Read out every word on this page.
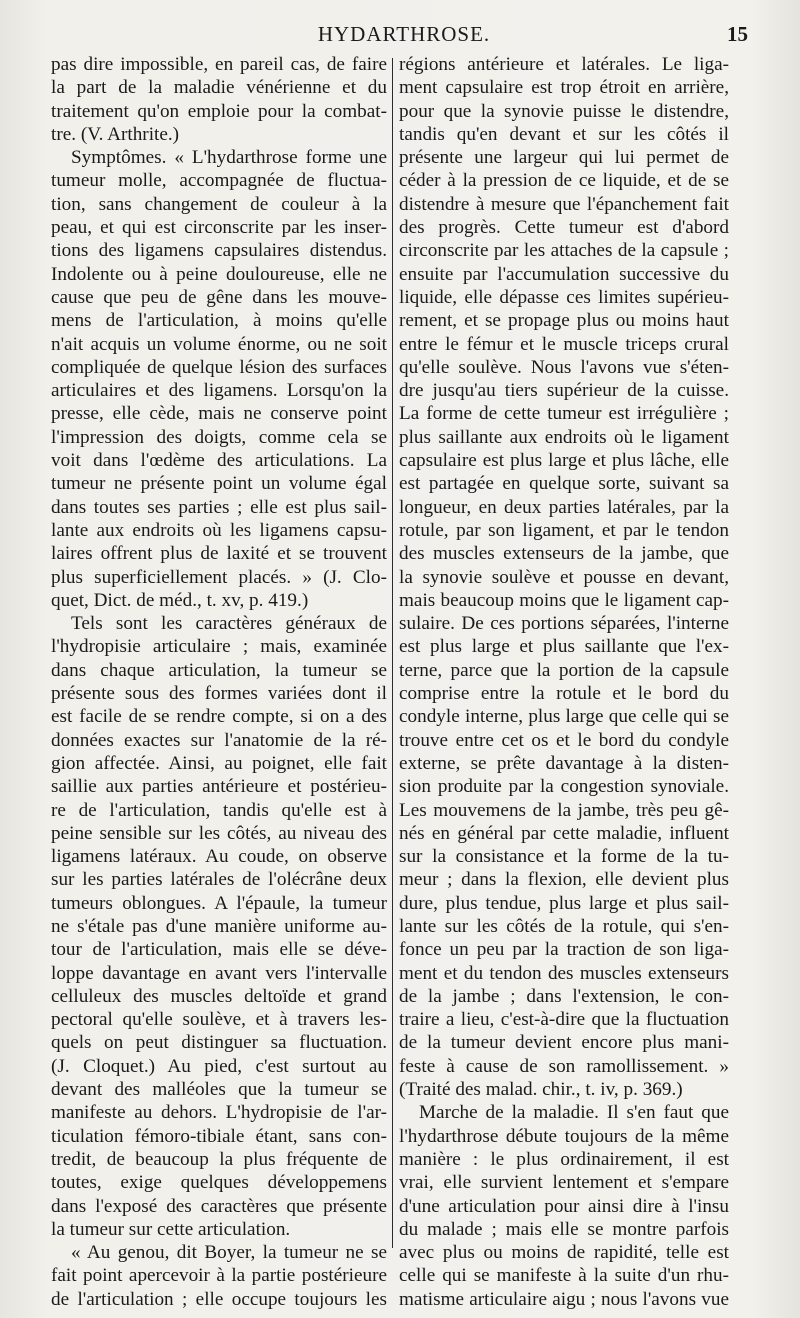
HYDARTHROSE.	15
pas dire impossible, en pareil cas, de faire
la part de la maladie vénérienne et du
traitement qu'on emploie pour la combat-
tre. (V. Arthrite.)
Symptômes. « L'hydarthrose forme une
tumeur molle, accompagnée de fluctua-
tion, sans changement de couleur à la
peau, et qui est circonscrite par les inser-
tions des ligamens capsulaires distendus.
Indolente ou à peine douloureuse, elle ne
cause que peu de gêne dans les mouve-
mens de l'articulation, à moins qu'elle
n'ait acquis un volume énorme, ou ne soit
compliquée de quelque lésion des surfaces
articulaires et des ligamens. Lorsqu'on la
presse, elle cède, mais ne conserve point
l'impression des doigts, comme cela se
voit dans l'œdème des articulations. La
tumeur ne présente point un volume égal
dans toutes ses parties ; elle est plus sail-
lante aux endroits où les ligamens capsu-
laires offrent plus de laxité et se trouvent
plus superficiellement placés. » (J. Clo-
quet, Dict. de méd., t. xv, p. 419.)
Tels sont les caractères généraux de
l'hydropisie articulaire ; mais, examinée
dans chaque articulation, la tumeur se
présente sous des formes variées dont il
est facile de se rendre compte, si on a des
données exactes sur l'anatomie de la ré-
gion affectée. Ainsi, au poignet, elle fait
saillie aux parties antérieure et postérieu-
re de l'articulation, tandis qu'elle est à
peine sensible sur les côtés, au niveau des
ligamens latéraux. Au coude, on observe
sur les parties latérales de l'olécrâne deux
tumeurs oblongues. A l'épaule, la tumeur
ne s'étale pas d'une manière uniforme au-
tour de l'articulation, mais elle se déve-
loppe davantage en avant vers l'intervalle
celluleux des muscles deltoïde et grand
pectoral qu'elle soulève, et à travers les-
quels on peut distinguer sa fluctuation.
(J. Cloquet.) Au pied, c'est surtout au
devant des malléoles que la tumeur se
manifeste au dehors. L'hydropisie de l'ar-
ticulation fémoro-tibiale étant, sans con-
tredit, de beaucoup la plus fréquente de
toutes, exige quelques développemens
dans l'exposé des caractères que présente
la tumeur sur cette articulation.
« Au genou, dit Boyer, la tumeur ne se
fait point apercevoir à la partie postérieure
de l'articulation ; elle occupe toujours les
régions antérieure et latérales. Le liga-
ment capsulaire est trop étroit en arrière,
pour que la synovie puisse le distendre,
tandis qu'en devant et sur les côtés il
présente une largeur qui lui permet de
céder à la pression de ce liquide, et de se
distendre à mesure que l'épanchement fait
des progrès. Cette tumeur est d'abord
circonscrite par les attaches de la capsule ;
ensuite par l'accumulation successive du
liquide, elle dépasse ces limites supérieu-
rement, et se propage plus ou moins haut
entre le fémur et le muscle triceps crural
qu'elle soulève. Nous l'avons vue s'éten-
dre jusqu'au tiers supérieur de la cuisse.
La forme de cette tumeur est irrégulière ;
plus saillante aux endroits où le ligament
capsulaire est plus large et plus lâche, elle
est partagée en quelque sorte, suivant sa
longueur, en deux parties latérales, par la
rotule, par son ligament, et par le tendon
des muscles extenseurs de la jambe, que
la synovie soulève et pousse en devant,
mais beaucoup moins que le ligament cap-
sulaire. De ces portions séparées, l'interne
est plus large et plus saillante que l'ex-
terne, parce que la portion de la capsule
comprise entre la rotule et le bord du
condyle interne, plus large que celle qui se
trouve entre cet os et le bord du condyle
externe, se prête davantage à la disten-
sion produite par la congestion synoviale.
Les mouvemens de la jambe, très peu gê-
nés en général par cette maladie, influent
sur la consistance et la forme de la tu-
meur ; dans la flexion, elle devient plus
dure, plus tendue, plus large et plus sail-
lante sur les côtés de la rotule, qui s'en-
fonce un peu par la traction de son liga-
ment et du tendon des muscles extenseurs
de la jambe ; dans l'extension, le con-
traire a lieu, c'est-à-dire que la fluctuation
de la tumeur devient encore plus mani-
feste à cause de son ramollissement. »
(Traité des malad. chir., t. iv, p. 369.)
Marche de la maladie. Il s'en faut que
l'hydarthrose débute toujours de la même
manière : le plus ordinairement, il est
vrai, elle survient lentement et s'empare
d'une articulation pour ainsi dire à l'insu
du malade ; mais elle se montre parfois
avec plus ou moins de rapidité, telle est
celle qui se manifeste à la suite d'un rhu-
matisme articulaire aigu ; nous l'avons vue
